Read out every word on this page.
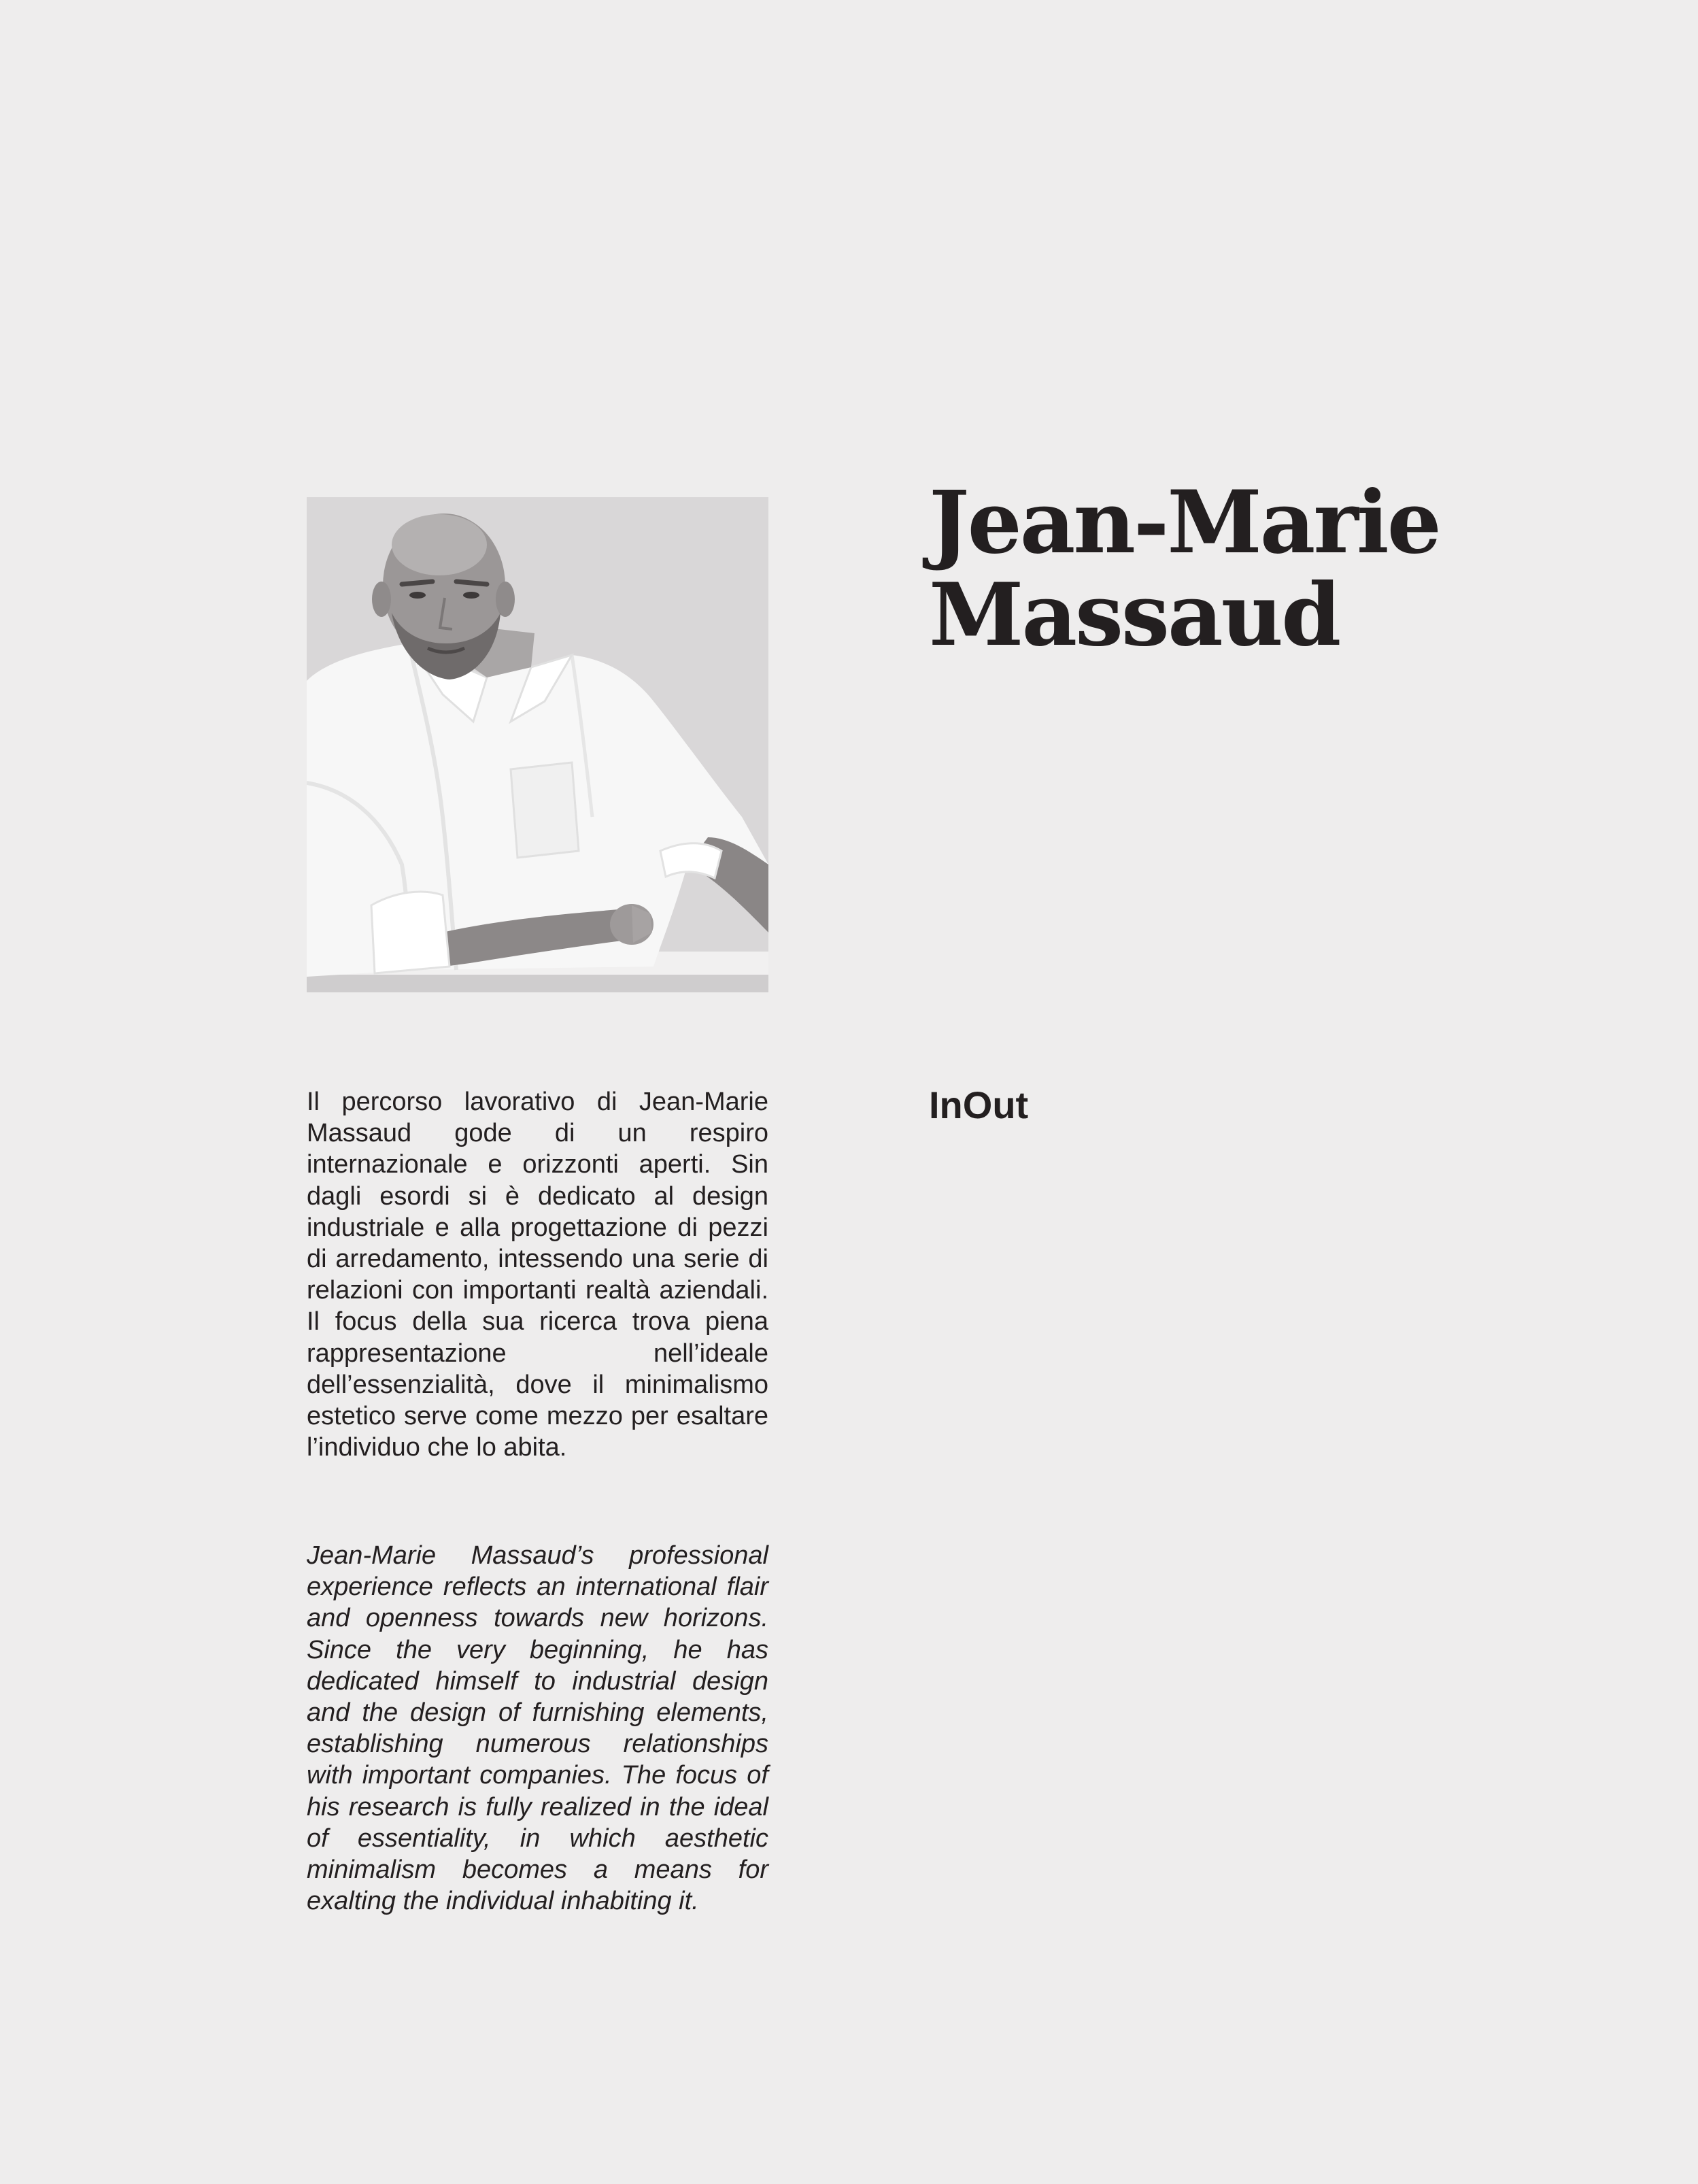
Jean-Marie
Massaud

Il percorso lavorativo di Jean-Marie Massaud gode di un respiro internazionale e orizzonti aperti. Sin dagli esordi si è dedicato al design industriale e alla progettazione di pezzi di arredamento, intessendo una serie di relazioni con importanti realtà aziendali. Il focus della sua ricerca trova piena rappresentazione nell’ideale dell’essenzialità, dove il minimalismo estetico serve come mezzo per esaltare l’individuo che lo abita.

InOut

Jean-Marie Massaud’s professional experience reflects an international flair and openness towards new horizons. Since the very beginning, he has dedicated himself to industrial design and the design of furnishing elements, establishing numerous relationships with important companies. The focus of his research is fully realized in the ideal of essentiality, in which aesthetic minimalism becomes a means for exalting the individual inhabiting it.
